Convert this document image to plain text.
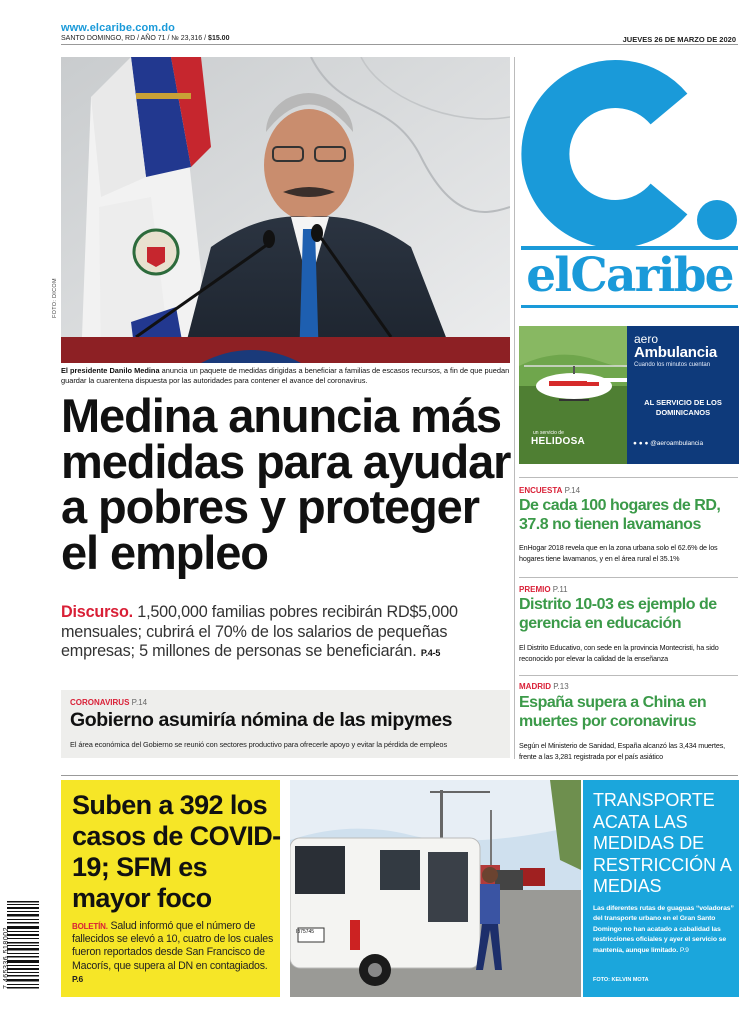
www.elcaribe.com.do
SANTO DOMINGO, RD / AÑO 71 / № 23,316 / $15.00	JUEVES 26 DE MARZO DE 2020
FOTO: DICOM
El presidente Danilo Medina anuncia un paquete de medidas dirigidas a beneficiar a familias de escasos recursos, a fin de que puedan guardar la cuarentena dispuesta por las autoridades para contener el avance del coronavirus.
Medina anuncia más medidas para ayudar a pobres y proteger el empleo
Discurso. 1,500,000 familias pobres recibirán RD$5,000 mensuales; cubrirá el 70% de los salarios de pequeñas empresas; 5 millones de personas se beneficiarán. P.4-5
CORONAVIRUS P.14
Gobierno asumiría nómina de las mipymes
El área económica del Gobierno se reunió con sectores productivo para ofrecerle apoyo y evitar la pérdida de empleos
elCaribe
aero
Ambulancia
Cuando los minutos cuentan
AL SERVICIO DE LOS DOMINICANOS
● ● ● @aeroambulancia
un servicio de
HELIDOSA
ENCUESTA P.14
De cada 100 hogares de RD, 37.8 no tienen lavamanos
EnHogar 2018 revela que en la zona urbana solo el 62.6% de los hogares tiene lavamanos, y en el área rural el 35.1%
PREMIO P.11
Distrito 10-03 es ejemplo de gerencia en educación
El Distrito Educativo, con sede en la provincia Montecristi, ha sido reconocido por elevar la calidad de la enseñanza
MADRID P.13
España supera a China en muertes por coronavirus
Según el Ministerio de Sanidad, España alcanzó las 3,434 muertes, frente a las 3,281 registrada por el país asiático
Suben a 392 los casos de COVID-19; SFM es mayor foco
BOLETÍN. Salud informó que el número de fallecidos se elevó a 10, cuatro de los cuales fueron reportados desde San Francisco de Macorís, que supera al DN en contagiados. P.6
I375745
TRANSPORTE ACATA LAS MEDIDAS DE RESTRICCIÓN A MEDIAS
Las diferentes rutas de guaguas “voladoras” del transporte urbano en el Gran Santo Domingo no han acatado a cabalidad las restricciones oficiales y ayer el servicio se mantenía, aunque limitado. P.9
FOTO: KELVIN MOTA
7 465336 518002
